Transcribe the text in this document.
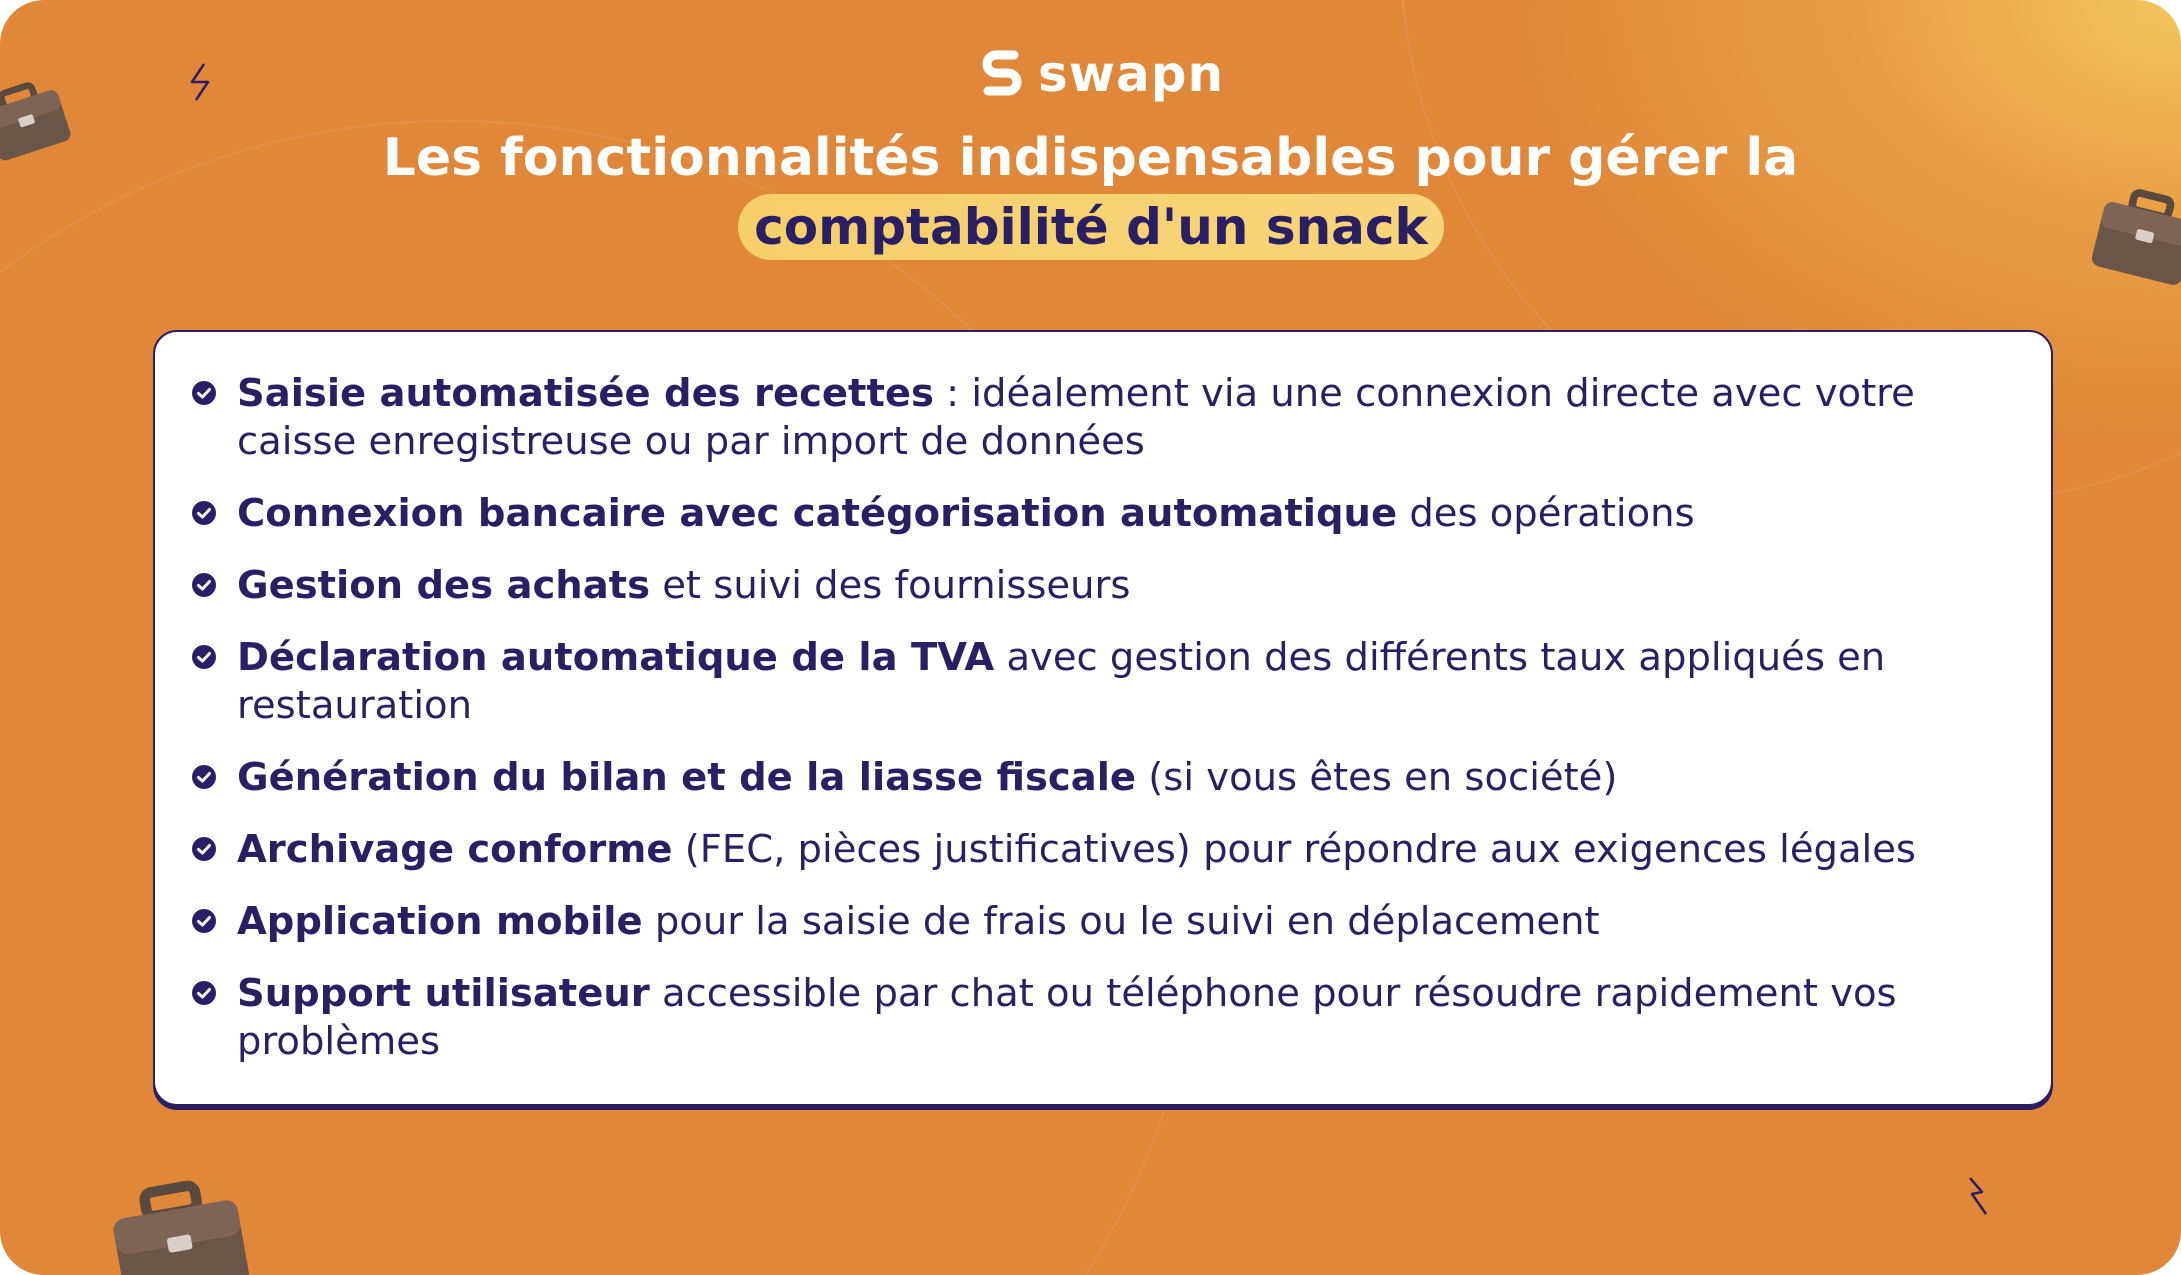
swapn
Les fonctionnalités indispensables pour gérer la
comptabilité d'un snack
Saisie automatisée des recettes : idéalement via une connexion directe avec votre caisse enregistreuse ou par import de données
Connexion bancaire avec catégorisation automatique des opérations
Gestion des achats et suivi des fournisseurs
Déclaration automatique de la TVA avec gestion des différents taux appliqués en restauration
Génération du bilan et de la liasse fiscale (si vous êtes en société)
Archivage conforme (FEC, pièces justificatives) pour répondre aux exigences légales
Application mobile pour la saisie de frais ou le suivi en déplacement
Support utilisateur accessible par chat ou téléphone pour résoudre rapidement vos problèmes
